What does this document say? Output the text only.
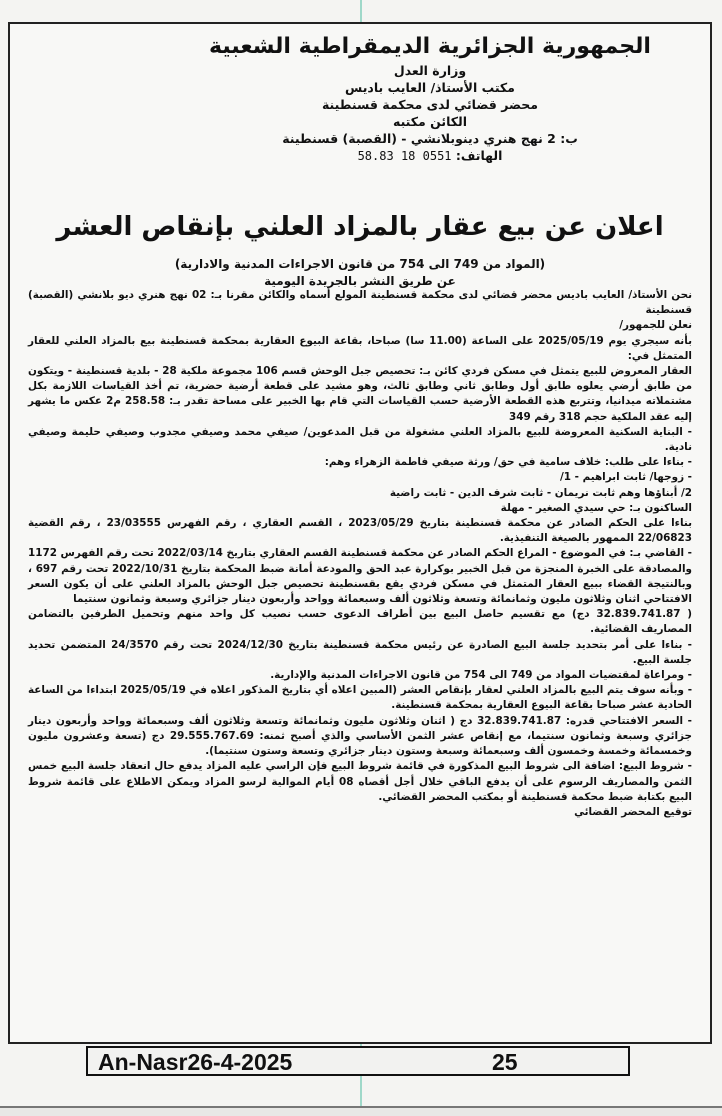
الجمهورية الجزائرية الديمقراطية الشعبية
وزارة العدل
مكتب الأستاذ/ العايب باديس
محضر قضائي لدى محكمة قسنطينة
الكائن مكتبه
ب: 2 نهج هنري دينوبلانشي - (القصبة) قسنطينة
الهاتف: 0551 18 58.83
اعلان عن بيع عقار بالمزاد العلني بإنقاص العشر
(المواد من 749 الى 754 من قانون الاجراءات المدنية والادارية)
عن طريق النشر بالجريدة اليومية

نحن الأستاذ/ العايب باديس محضر قضائي لدى محكمة قسنطينة المولع أسماه والكائن مقرنا بـ: 02 نهج هنري ديو بلانشي (القصبة) قسنطينة

نعلن للجمهور/

بأنه سيجري يوم 2025/05/19 على الساعة (11.00 سا) صباحا، بقاعة البيوع العقارية بمحكمة قسنطينة بيع بالمزاد العلني للعقار المتمثل في:

العقار المعروض للبيع يتمثل في مسكن فردي كائن بـ: تحصيص جبل الوحش قسم 106 مجموعة ملكية 28 - بلدية قسنطينة - ويتكون من طابق أرضي يعلوه طابق أول وطابق ثاني وطابق ثالث، وهو مشيد على قطعة أرضية حضرية، تم أخذ القياسات اللازمة بكل مشتملاته ميدانيا، وتتربع هذه القطعة الأرضية حسب القياسات التي قام بها الخبير على مساحة تقدر بـ: 258.58 م2 عكس ما يشهر إليه عقد الملكية حجم 318 رقم 349

- البناية السكنية المعروضة للبيع بالمزاد العلني مشغولة من قبل المدعوين/ صيفي محمد وصيفي مجدوب وصيفي حليمة وصيفي نادية.

- بناءا على طلب: خلاف سامية في حق/ ورثة صيفي فاطمة الزهراء وهم:

- زوجها/ ثابت ابراهيم - 1/

2/ أبناؤها وهم ثابت نريمان - ثابت شرف الدين - ثابت راضية

الساكنون بـ: حي سيدي الصغير - مهلة

بناءا على الحكم الصادر عن محكمة قسنطينة بتاريخ 2023/05/29 ، القسم العقاري ، رقم الفهرس 23/03555 ، رقم القضية 22/06823 الممهور بالصيغة التنفيذية.

- القاضي بـ: في الموضوع - المراع الحكم الصادر عن محكمة قسنطينة القسم العقاري بتاريخ 2022/03/14 تحت رقم الفهرس 1172 والمصادقة على الخبرة المنجزة من قبل الخبير بوكرارة عبد الحق والمودعة أمانة ضبط المحكمة بتاريخ 2022/10/31 تحت رقم 697 ، وبالنتيجة القضاء ببيع العقار المتمثل في مسكن فردي يقع بقسنطينة تحصيص جبل الوحش بالمزاد العلني على أن يكون السعر الافتتاحي اثنان وثلاثون مليون وثمانمائة وتسعة وثلاثون ألف وسبعمائة وواحد وأربعون دينار جزائري وسبعة وثمانون سنتيما

( 32.839.741.87 دج) مع تقسيم حاصل البيع بين أطراف الدعوى حسب نصيب كل واحد منهم وتحميل الطرفين بالتضامن المصاريف القضائية.

- بناءا على أمر بتحديد جلسة البيع الصادرة عن رئيس محكمة قسنطينة بتاريخ 2024/12/30 تحت رقم 24/3570 المتضمن تحديد جلسة البيع.

- ومراعاة لمقتضيات المواد من 749 الى 754 من قانون الاجراءات المدنية والإدارية.

- وبأنه سوف يتم البيع بالمزاد العلني لعقار بإنقاص العشر (المبين اعلاه أي بتاريخ المذكور اعلاه في 2025/05/19 ابتداءا من الساعة الحادية عشر صباحا بقاعة البيوع العقارية بمحكمة قسنطينة.

- السعر الافتتاحي قدره: 32.839.741.87 دج ( اثنان وثلاثون مليون وثمانمائة وتسعة وثلاثون ألف وسبعمائة وواحد وأربعون دينار جزائري وسبعة وثمانون سنتيما، مع إنقاص عشر الثمن الأساسي والذي أصبح ثمنه: 29.555.767.69 دج (تسعة وعشرون مليون وخمسمائة وخمسة وخمسون ألف وسبعمائة وسبعة وستون دينار جزائري وتسعة وستون سنتيما).

- شروط البيع: اضافة الى شروط البيع المذكورة في قائمة شروط البيع فإن الراسي عليه المزاد يدفع حال انعقاد جلسة البيع خمس الثمن والمصاريف الرسوم على أن يدفع الباقي خلال أجل أقصاه 08 أيام الموالية لرسو المزاد ويمكن الاطلاع على قائمة شروط البيع بكتابة ضبط محكمة قسنطينة أو بمكتب المحضر القضائي.

توقيع المحضر القضائي

An-Nasr26-4-2025	25
